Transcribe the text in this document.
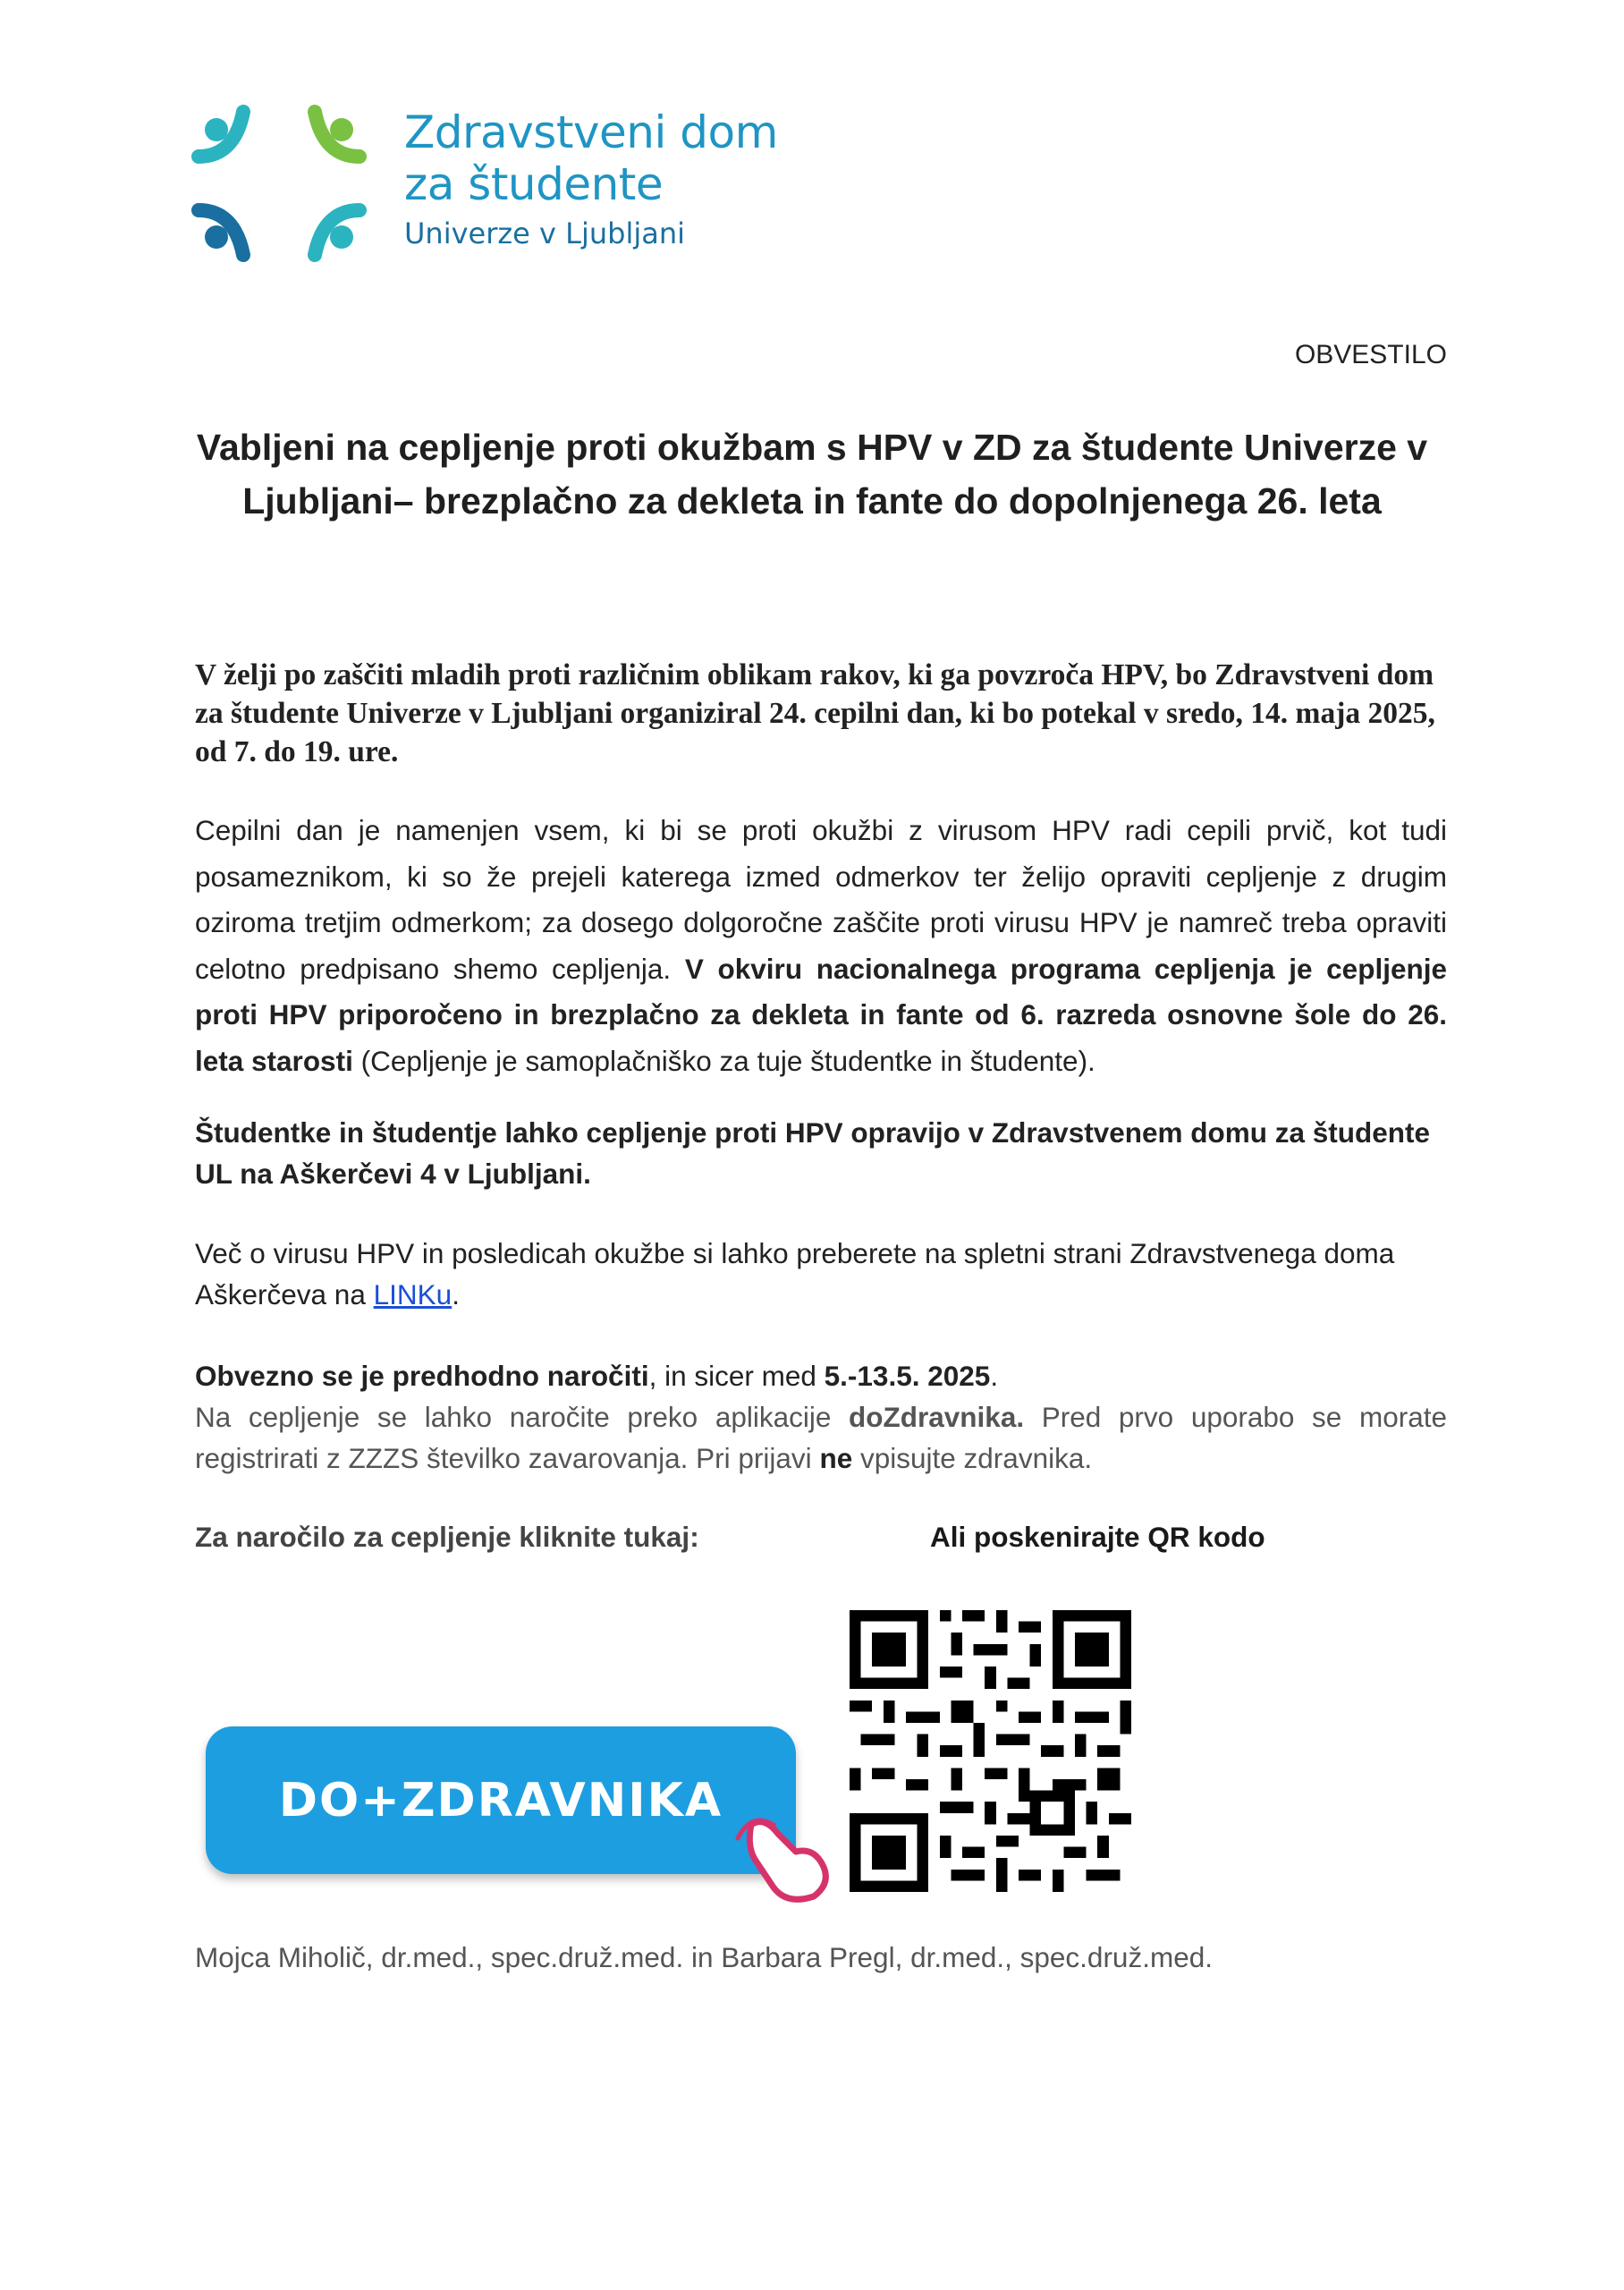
Zdravstveni dom
za študente
Univerze v Ljubljani
OBVESTILO
Vabljeni na cepljenje proti okužbam s HPV v ZD za študente Univerze v Ljubljani– brezplačno za dekleta in fante do dopolnjenega 26. leta
V želji po zaščiti mladih proti različnim oblikam rakov, ki ga povzroča HPV, bo Zdravstveni dom za študente Univerze v Ljubljani organiziral 24. cepilni dan, ki bo potekal v sredo, 14. maja 2025, od 7. do 19. ure.
Cepilni dan je namenjen vsem, ki bi se proti okužbi z virusom HPV radi cepili prvič, kot tudi posameznikom, ki so že prejeli katerega izmed odmerkov ter želijo opraviti cepljenje z drugim oziroma tretjim odmerkom; za dosego dolgoročne zaščite proti virusu HPV je namreč treba opraviti celotno predpisano shemo cepljenja. V okviru nacionalnega programa cepljenja je cepljenje proti HPV priporočeno in brezplačno za dekleta in fante od 6. razreda osnovne šole do 26. leta starosti (Cepljenje je samoplačniško za tuje študentke in študente).
Študentke in študentje lahko cepljenje proti HPV opravijo v Zdravstvenem domu za študente UL na Aškerčevi 4 v Ljubljani.
Več o virusu HPV in posledicah okužbe si lahko preberete na spletni strani Zdravstvenega doma Aškerčeva na LINKu.
Obvezno se je predhodno naročiti, in sicer med 5.-13.5. 2025.
Na cepljenje se lahko naročite preko aplikacije doZdravnika. Pred prvo uporabo se morate registrirati z ZZZS številko zavarovanja. Pri prijavi ne vpisujte zdravnika.
Za naročilo za cepljenje kliknite tukaj:	Ali poskenirajte QR kodo
DO+ZDRAVNIKA
Mojca Miholič, dr.med., spec.druž.med. in Barbara Pregl, dr.med., spec.druž.med.
